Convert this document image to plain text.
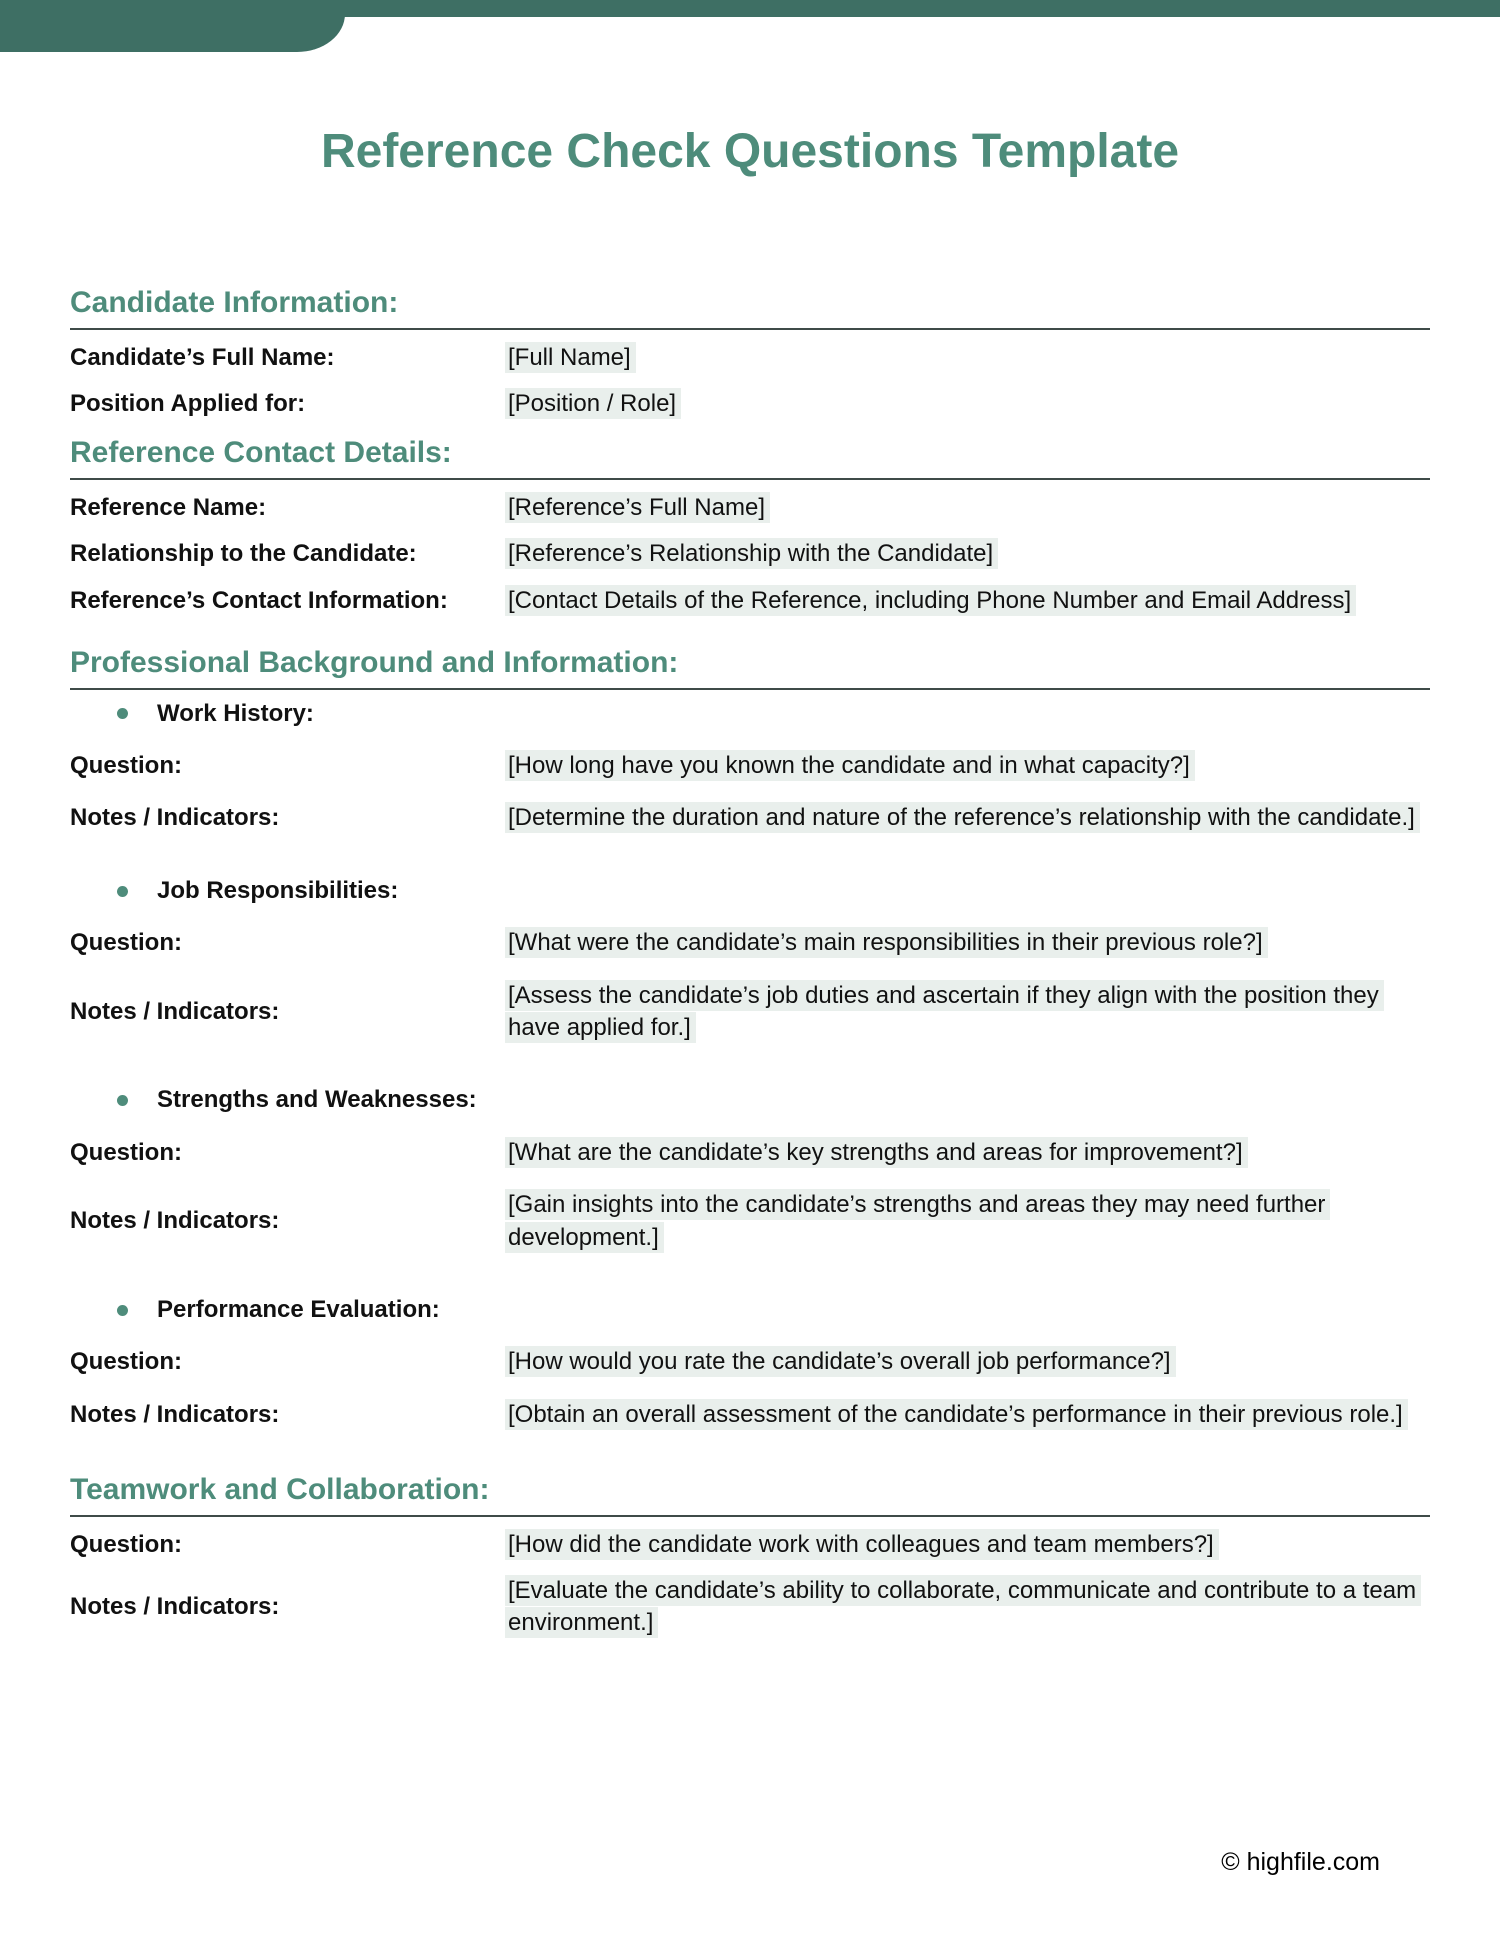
Reference Check Questions Template
Candidate Information:
Candidate’s Full Name:	[Full Name]
Position Applied for:	[Position / Role]
Reference Contact Details:
Reference Name:	[Reference’s Full Name]
Relationship to the Candidate:	[Reference’s Relationship with the Candidate]
Reference’s Contact Information:	[Contact Details of the Reference, including Phone Number and Email Address]
Professional Background and Information:
Work History:
Question:	[How long have you known the candidate and in what capacity?]
Notes / Indicators:	[Determine the duration and nature of the reference’s relationship with the candidate.]
Job Responsibilities:
Question:	[What were the candidate’s main responsibilities in their previous role?]
Notes / Indicators:
[Assess the candidate’s job duties and ascertain if they align with the position they have applied for.]
Strengths and Weaknesses:
Question:	[What are the candidate’s key strengths and areas for improvement?]
Notes / Indicators:
[Gain insights into the candidate’s strengths and areas they may need further development.]
Performance Evaluation:
Question:	[How would you rate the candidate’s overall job performance?]
Notes / Indicators:	[Obtain an overall assessment of the candidate’s performance in their previous role.]
Teamwork and Collaboration:
Question:	[How did the candidate work with colleagues and team members?]
Notes / Indicators:
[Evaluate the candidate’s ability to collaborate, communicate and contribute to a team environment.]
© highfile.com
